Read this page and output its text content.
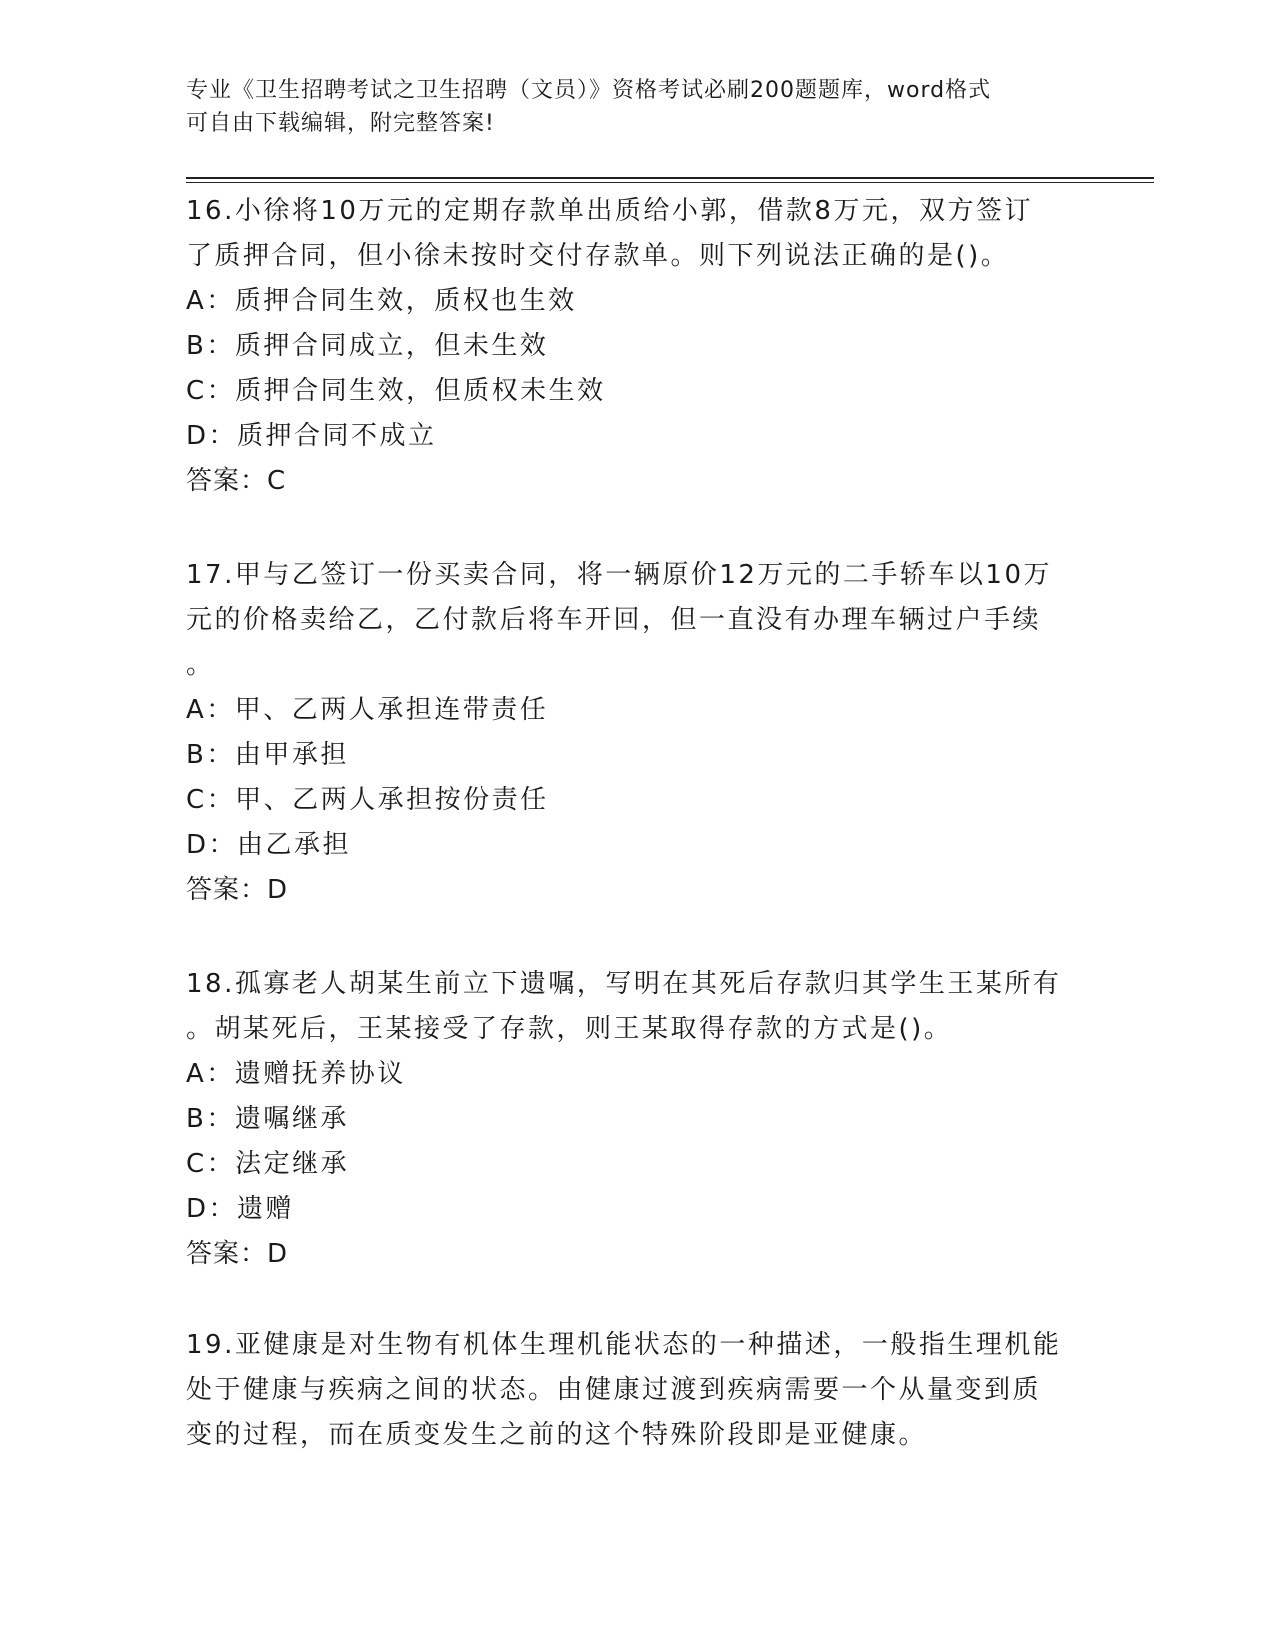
专业《卫生招聘考试之卫生招聘（文员）》资格考试必刷200题题库，word格式
可自由下载编辑，附完整答案!

16.小徐将10万元的定期存款单出质给小郭，借款8万元，双方签订

了质押合同，但小徐未按时交付存款单。则下列说法正确的是()。

A：质押合同生效，质权也生效

B：质押合同成立，但未生效

C：质押合同生效，但质权未生效

D：质押合同不成立

答案：C

17.甲与乙签订一份买卖合同，将一辆原价12万元的二手轿车以10万

元的价格卖给乙，乙付款后将车开回，但一直没有办理车辆过户手续

。

A：甲、乙两人承担连带责任

B：由甲承担

C：甲、乙两人承担按份责任

D：由乙承担

答案：D

18.孤寡老人胡某生前立下遗嘱，写明在其死后存款归其学生王某所有

。胡某死后，王某接受了存款，则王某取得存款的方式是()。

A：遗赠抚养协议

B：遗嘱继承

C：法定继承

D：遗赠

答案：D

19.亚健康是对生物有机体生理机能状态的一种描述，一般指生理机能

处于健康与疾病之间的状态。由健康过渡到疾病需要一个从量变到质

变的过程，而在质变发生之前的这个特殊阶段即是亚健康。
